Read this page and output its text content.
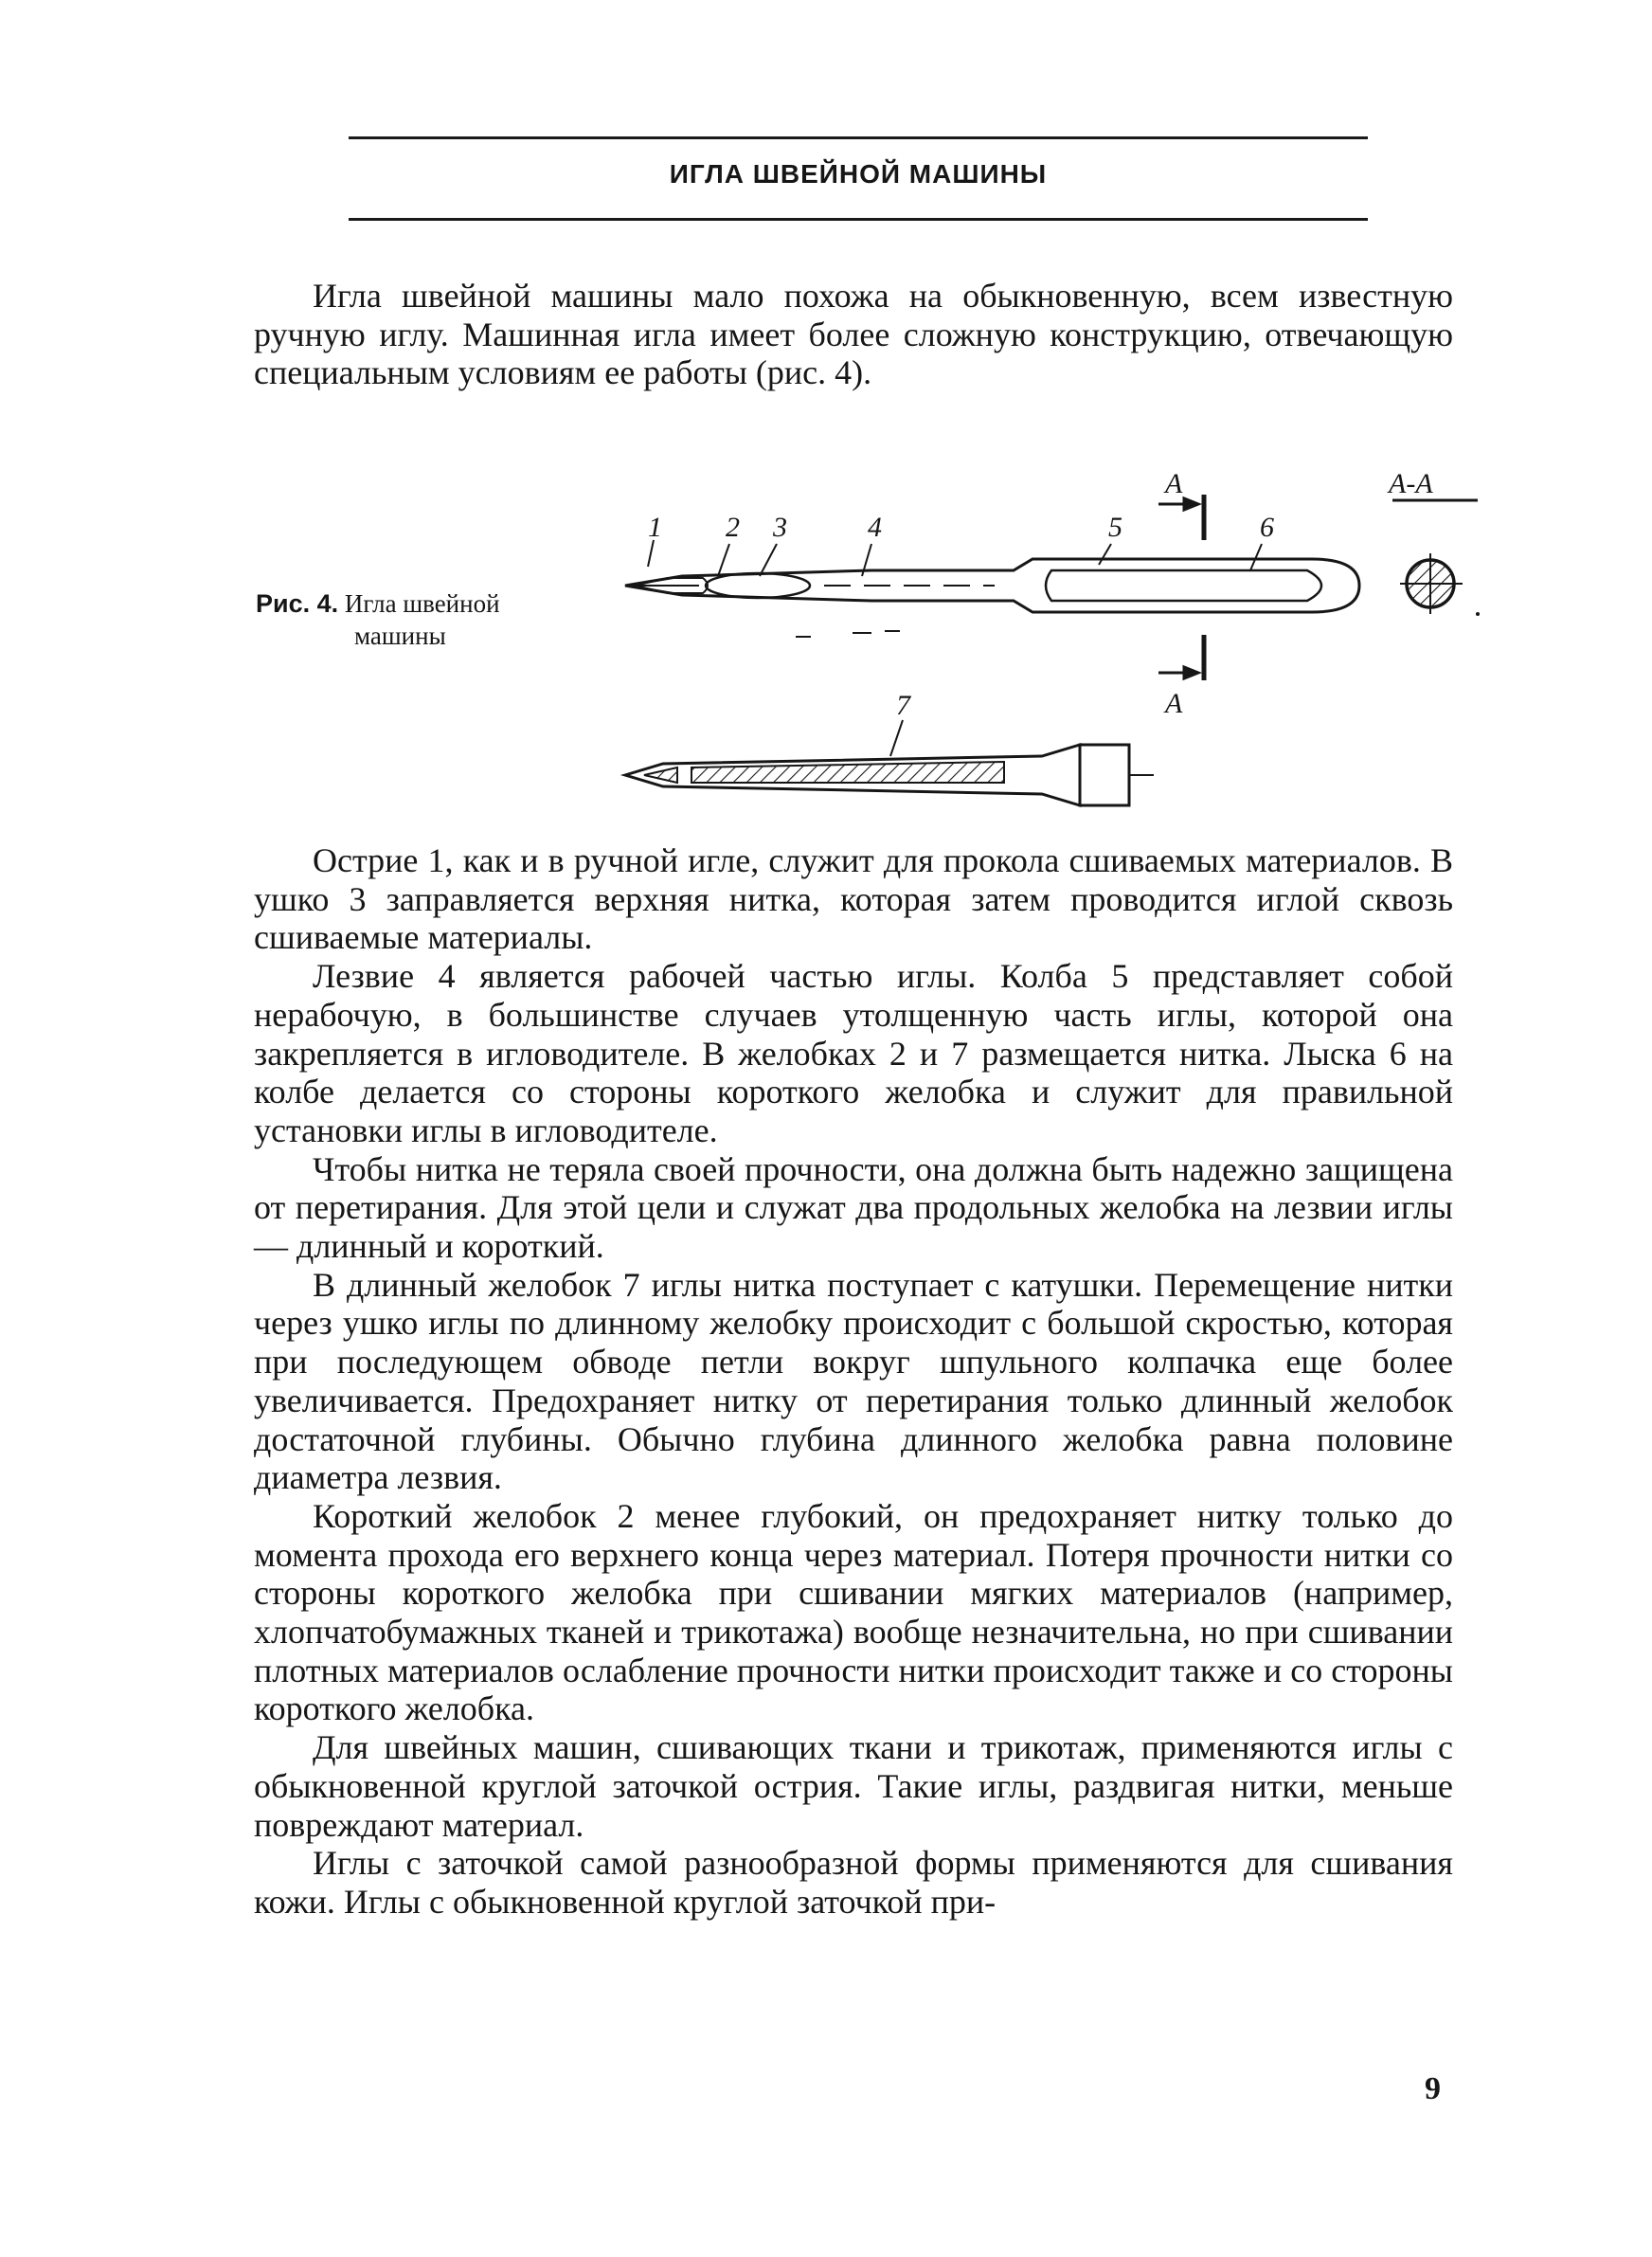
ИГЛА ШВЕЙНОЙ МАШИНЫ

Игла швейной машины мало похожа на обыкновенную, всем известную ручную иглу. Машинная игла имеет более сложную конструкцию, отвечающую специальным условиям ее работы (рис. 4).

Рис. 4. Игла швейной
машины
А-А
А
А
1 2 3	4	5	6
7

Острие 1, как и в ручной игле, служит для прокола сшиваемых материалов. В ушко 3 заправляется верхняя нитка, которая затем проводится иглой сквозь сшиваемые материалы.

Лезвие 4 является рабочей частью иглы. Колба 5 представляет собой нерабочую, в большинстве случаев утолщенную часть иглы, которой она закрепляется в игловодителе. В желобках 2 и 7 размещается нитка. Лыска 6 на колбе делается со стороны короткого желобка и служит для правильной установки иглы в игловодителе.

Чтобы нитка не теряла своей прочности, она должна быть надежно защищена от перетирания. Для этой цели и служат два продольных желобка на лезвии иглы — длинный и короткий.

В длинный желобок 7 иглы нитка поступает с катушки. Перемещение нитки через ушко иглы по длинному желобку происходит с большой скростью, которая при последующем обводе петли вокруг шпульного колпачка еще более увеличивается. Предохраняет нитку от перетирания только длинный желобок достаточной глубины. Обычно глубина длинного желобка равна половине диаметра лезвия.

Короткий желобок 2 менее глубокий, он предохраняет нитку только до момента прохода его верхнего конца через материал. Потеря прочности нитки со стороны короткого желобка при сшивании мягких материалов (например, хлопчатобумажных тканей и трикотажа) вообще незначительна, но при сшивании плотных материалов ослабление прочности нитки происходит также и со стороны короткого желобка.

Для швейных машин, сшивающих ткани и трикотаж, применяются иглы с обыкновенной круглой заточкой острия. Такие иглы, раздвигая нитки, меньше повреждают материал.

Иглы с заточкой самой разнообразной формы применяются для сшивания кожи. Иглы с обыкновенной круглой заточкой при-

9
